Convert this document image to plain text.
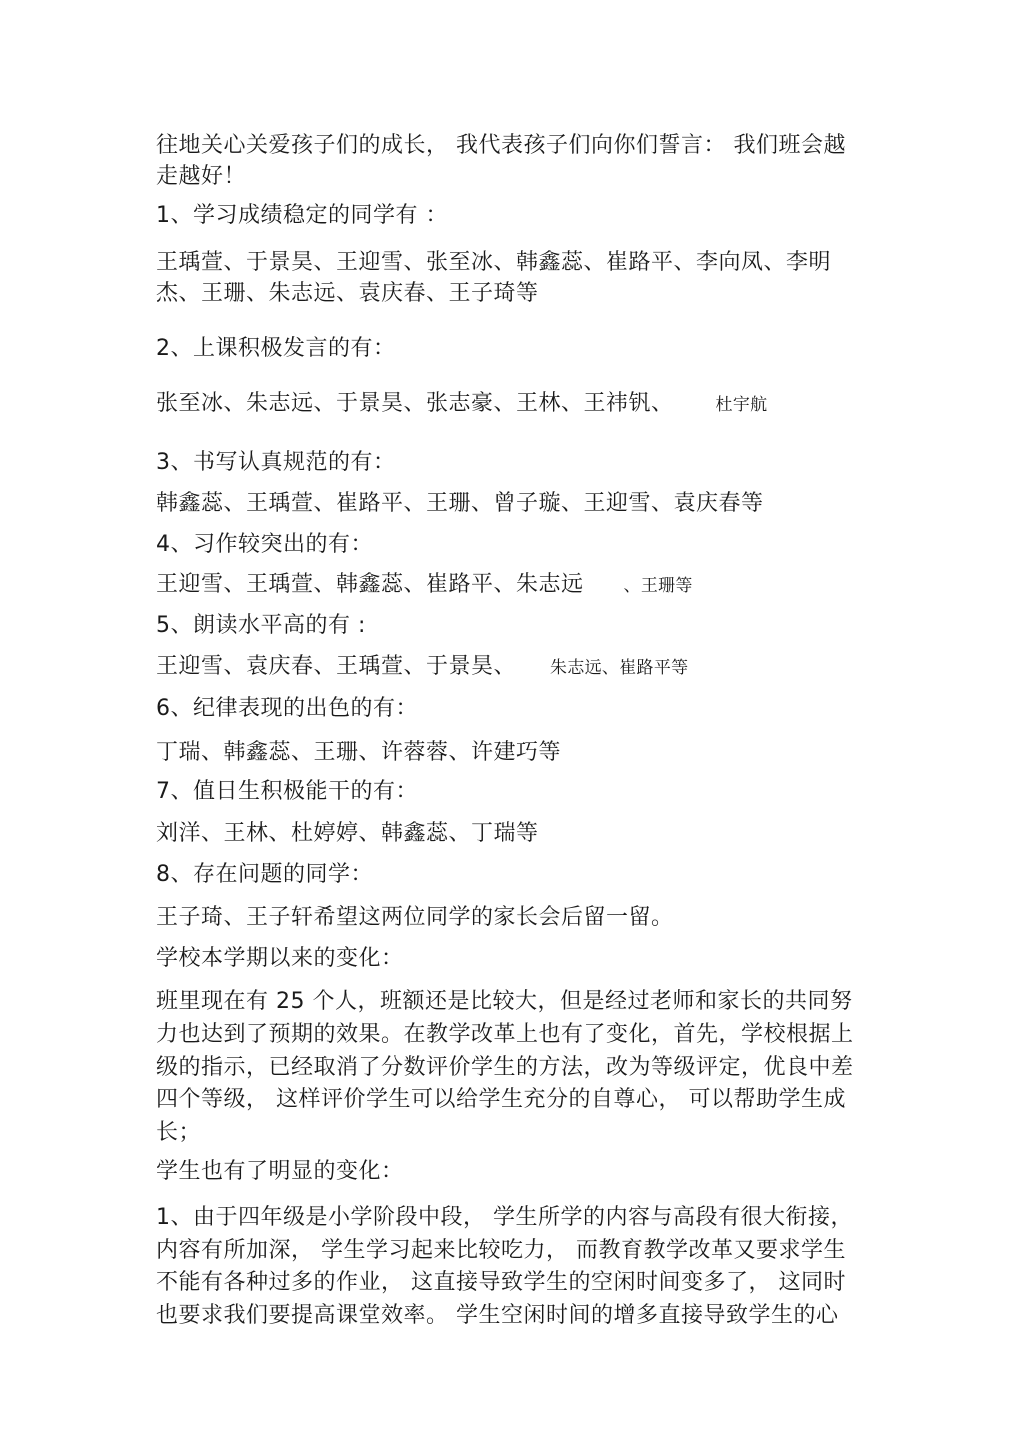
往地关心关爱孩子们的成长， 我代表孩子们向你们誓言： 我们班会越
走越好！
1、学习成绩稳定的同学有 ：
王瑀萱、于景昊、王迎雪、张至冰、韩鑫蕊、崔路平、李向凤、李明
杰、王珊、朱志远、袁庆春、王子琦等
2、上课积极发言的有：
张至冰、朱志远、于景昊、张志豪、王林、王祎钒、 杜宇航
3、书写认真规范的有：
韩鑫蕊、王瑀萱、崔路平、王珊、曾子璇、王迎雪、袁庆春等
4、习作较突出的有：
王迎雪、王瑀萱、韩鑫蕊、崔路平、朱志远 、王珊等
5、朗读水平高的有 :
王迎雪、袁庆春、王瑀萱、于景昊、 朱志远、崔路平等
6、纪律表现的出色的有：
丁瑞、韩鑫蕊、王珊、许蓉蓉、许建巧等
7、值日生积极能干的有：
刘洋、王林、杜婷婷、韩鑫蕊、丁瑞等
8、存在问题的同学：
王子琦、王子轩希望这两位同学的家长会后留一留。
学校本学期以来的变化：
班里现在有 25 个人，班额还是比较大，但是经过老师和家长的共同努
力也达到了预期的效果。在教学改革上也有了变化，首先，学校根据上
级的指示，已经取消了分数评价学生的方法，改为等级评定，优良中差
四个等级， 这样评价学生可以给学生充分的自尊心， 可以帮助学生成
长；
学生也有了明显的变化：
1、由于四年级是小学阶段中段， 学生所学的内容与高段有很大衔接，
内容有所加深， 学生学习起来比较吃力， 而教育教学改革又要求学生
不能有各种过多的作业， 这直接导致学生的空闲时间变多了， 这同时
也要求我们要提高课堂效率。 学生空闲时间的增多直接导致学生的心
